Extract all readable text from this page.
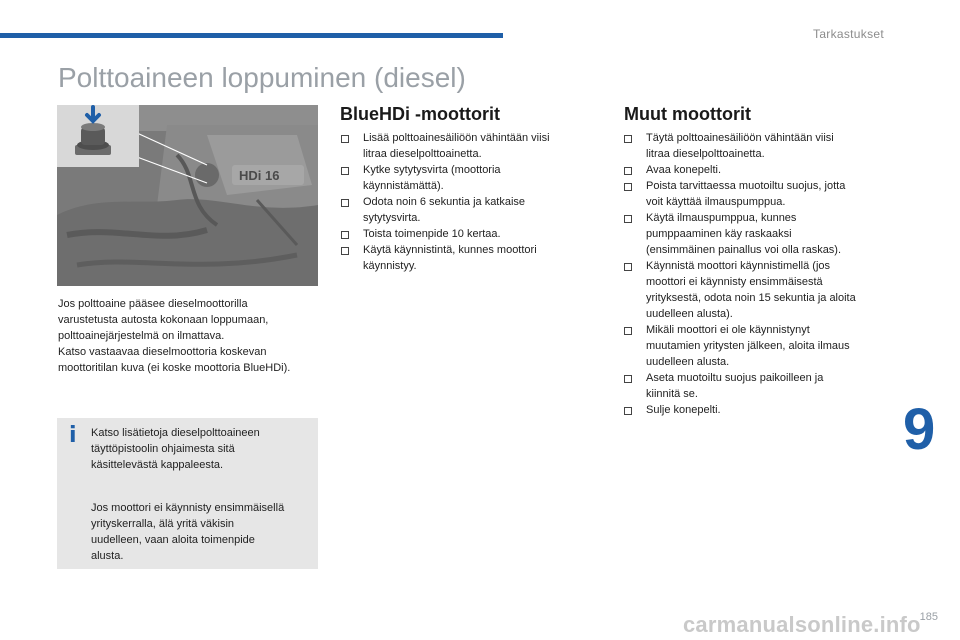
Tarkastukset
Polttoaineen loppuminen (diesel)
HDi 16

Jos polttoaine pääsee dieselmoottorilla

varustetusta autosta kokonaan loppumaan,

polttoainejärjestelmä on ilmattava.

Katso vastaavaa dieselmoottoria koskevan

moottoritilan kuva (ei koske moottoria BlueHDi).

i	Katso lisätietoja dieselpolttoaineen
täyttöpistoolin ohjaimesta sitä
käsittelevästä kappaleesta.
Jos moottori ei käynnisty ensimmäisellä
yrityskerralla, älä yritä väkisin
uudelleen, vaan aloita toimenpide
alusta.
BlueHDi -moottorit
Lisää polttoainesäiliöön vähintään viisi
litraa dieselpolttoainetta.
Kytke sytytysvirta (moottoria
käynnistämättä).
Odota noin 6 sekuntia ja katkaise
sytytysvirta.
Toista toimenpide 10 kertaa.
Käytä käynnistintä, kunnes moottori
käynnistyy.
Muut moottorit
Täytä polttoainesäiliöön vähintään viisi
litraa dieselpolttoainetta.
Avaa konepelti.
Poista tarvittaessa muotoiltu suojus, jotta
voit käyttää ilmauspumppua.
Käytä ilmauspumppua, kunnes
pumppaaminen käy raskaaksi
(ensimmäinen painallus voi olla raskas).
Käynnistä moottori käynnistimellä (jos
moottori ei käynnisty ensimmäisestä
yrityksestä, odota noin 15 sekuntia ja aloita
uudelleen alusta).
Mikäli moottori ei ole käynnistynyt
muutamien yritysten jälkeen, aloita ilmaus
uudelleen alusta.
Aseta muotoiltu suojus paikoilleen ja
kiinnitä se.
Sulje konepelti.	9
carmanualsonline.info
185
